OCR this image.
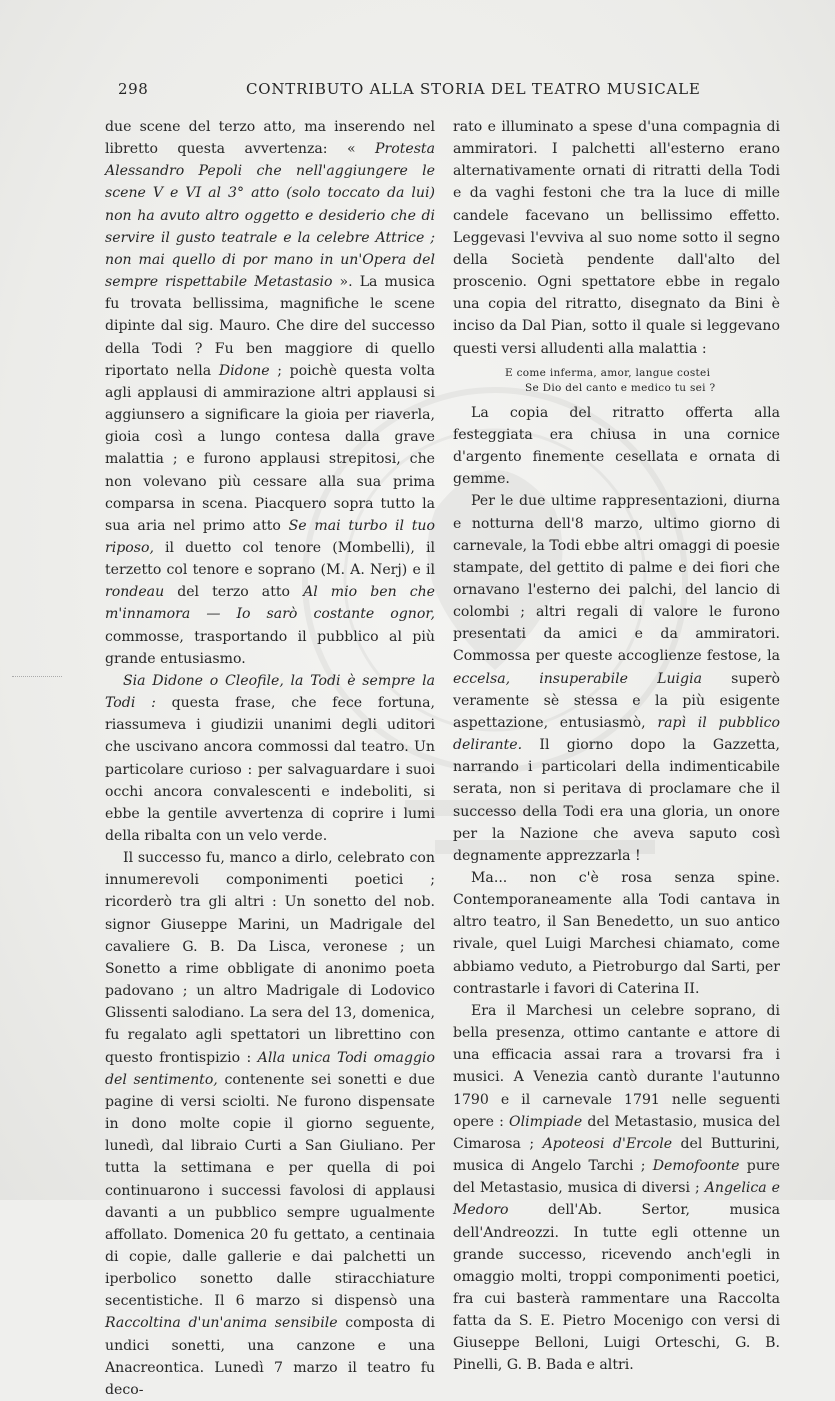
298	CONTRIBUTO ALLA STORIA DEL TEATRO MUSICALE

due scene del terzo atto, ma inserendo nel libretto questa avvertenza: « Protesta Alessandro Pepoli che nell'aggiungere le scene V e VI al 3° atto (solo toccato da lui) non ha avuto altro oggetto e desiderio che di servire il gusto teatrale e la celebre Attrice ; non mai quello di por mano in un'Opera del sempre rispettabile Metastasio ». La musica fu trovata bellissima, magnifiche le scene dipinte dal sig. Mauro. Che dire del successo della Todi ? Fu ben maggiore di quello riportato nella Didone ; poichè questa volta agli applausi di ammirazione altri applausi si aggiunsero a significare la gioia per riaverla, gioia così a lungo contesa dalla grave malattia ; e furono applausi strepitosi, che non volevano più cessare alla sua prima comparsa in scena. Piacquero sopra tutto la sua aria nel primo atto Se mai turbo il tuo riposo, il duetto col tenore (Mombelli), il terzetto col tenore e soprano (M. A. Nerj) e il rondeau del terzo atto Al mio ben che m'innamora — Io sarò costante ognor, commosse, trasportando il pubblico al più grande entusiasmo.

Sia Didone o Cleofile, la Todi è sempre la Todi : questa frase, che fece fortuna, riassumeva i giudizii unanimi degli uditori che uscivano ancora commossi dal teatro. Un particolare curioso : per salvaguardare i suoi occhi ancora convalescenti e indeboliti, si ebbe la gentile avvertenza di coprire i lumi della ribalta con un velo verde.

Il successo fu, manco a dirlo, celebrato con innumerevoli componimenti poetici ; ricorderò tra gli altri : Un sonetto del nob. signor Giuseppe Marini, un Madrigale del cavaliere G. B. Da Lisca, veronese ; un Sonetto a rime obbligate di anonimo poeta padovano ; un altro Madrigale di Lodovico Glissenti salodiano. La sera del 13, domenica, fu regalato agli spettatori un librettino con questo frontispizio : Alla unica Todi omaggio del sentimento, contenente sei sonetti e due pagine di versi sciolti. Ne furono dispensate in dono molte copie il giorno seguente, lunedì, dal libraio Curti a San Giuliano. Per tutta la settimana e per quella di poi continuarono i successi favolosi di applausi davanti a un pubblico sempre ugualmente affollato. Domenica 20 fu gettato, a centinaia di copie, dalle gallerie e dai palchetti un iperbolico sonetto dalle stiracchiature secentistiche. Il 6 marzo si dispensò una Raccoltina d'un'anima sensibile composta di undici sonetti, una canzone e una Anacreontica. Lunedì 7 marzo il teatro fu deco-

rato e illuminato a spese d'una compagnia di ammiratori. I palchetti all'esterno erano alternativamente ornati di ritratti della Todi e da vaghi festoni che tra la luce di mille candele facevano un bellissimo effetto. Leggevasi l'evviva al suo nome sotto il segno della Società pendente dall'alto del proscenio. Ogni spettatore ebbe in regalo una copia del ritratto, disegnato da Bini è inciso da Dal Pian, sotto il quale si leggevano questi versi alludenti alla malattia :

E come inferma, amor, langue costei
Se Dio del canto e medico tu sei ?

La copia del ritratto offerta alla festeggiata era chiusa in una cornice d'argento finemente cesellata e ornata di gemme.

Per le due ultime rappresentazioni, diurna e notturna dell'8 marzo, ultimo giorno di carnevale, la Todi ebbe altri omaggi di poesie stampate, del gettito di palme e dei fiori che ornavano l'esterno dei palchi, del lancio di colombi ; altri regali di valore le furono presentati da amici e da ammiratori. Commossa per queste accoglienze festose, la eccelsa, insuperabile Luigia superò veramente sè stessa e la più esigente aspettazione, entusiasmò, rapì il pubblico delirante. Il giorno dopo la Gazzetta, narrando i particolari della indimenticabile serata, non si peritava di proclamare che il successo della Todi era una gloria, un onore per la Nazione che aveva saputo così degnamente apprezzarla !

Ma... non c'è rosa senza spine. Contemporaneamente alla Todi cantava in altro teatro, il San Benedetto, un suo antico rivale, quel Luigi Marchesi chiamato, come abbiamo veduto, a Pietroburgo dal Sarti, per contrastarle i favori di Caterina II.

Era il Marchesi un celebre soprano, di bella presenza, ottimo cantante e attore di una efficacia assai rara a trovarsi fra i musici. A Venezia cantò durante l'autunno 1790 e il carnevale 1791 nelle seguenti opere : Olimpiade del Metastasio, musica del Cimarosa ; Apoteosi d'Ercole del Butturini, musica di Angelo Tarchi ; Demofoonte pure del Metastasio, musica di diversi ; Angelica e Medoro dell'Ab. Sertor, musica dell'Andreozzi. In tutte egli ottenne un grande successo, ricevendo anch'egli in omaggio molti, troppi componimenti poetici, fra cui basterà rammentare una Raccolta fatta da S. E. Pietro Mocenigo con versi di Giuseppe Belloni, Luigi Orteschi, G. B. Pinelli, G. B. Bada e altri.
